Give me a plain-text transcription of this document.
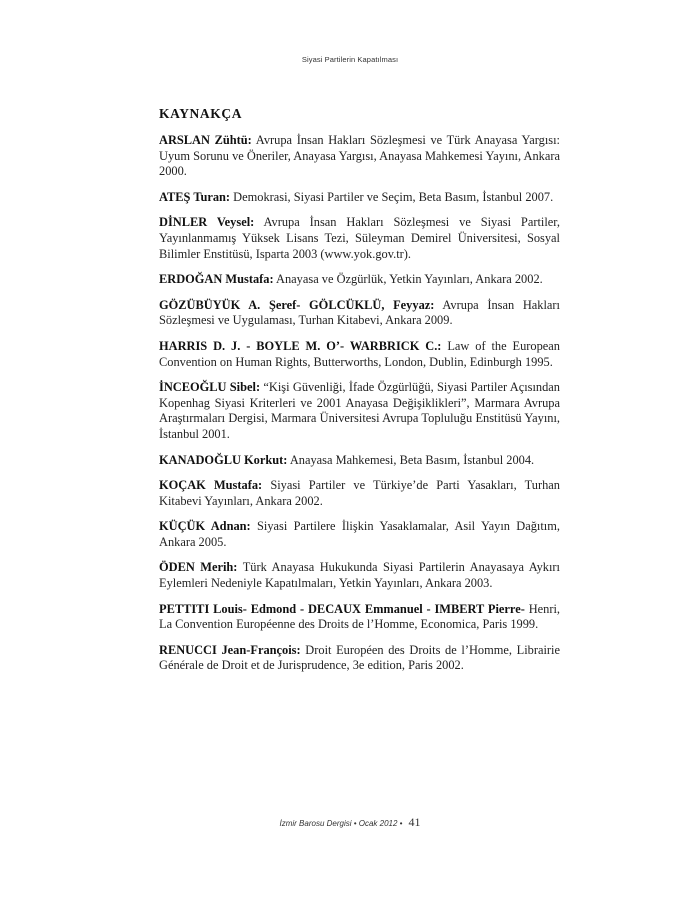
Siyasi Partilerin Kapatılması
KAYNAKÇA

ARSLAN Zühtü: Avrupa İnsan Hakları Sözleşmesi ve Türk Anayasa Yargısı: Uyum Sorunu ve Öneriler, Anayasa Yargısı, Anayasa Mahkemesi Yayını, Ankara 2000.

ATEŞ Turan: Demokrasi, Siyasi Partiler ve Seçim, Beta Basım, İstanbul 2007.

DİNLER Veysel: Avrupa İnsan Hakları Sözleşmesi ve Siyasi Partiler, Yayınlanmamış Yüksek Lisans Tezi, Süleyman Demirel Üniversitesi, Sosyal Bilimler Enstitüsü, Isparta 2003 (www.yok.gov.tr).

ERDOĞAN Mustafa: Anayasa ve Özgürlük, Yetkin Yayınları, Ankara 2002.

GÖZÜBÜYÜK A. Şeref- GÖLCÜKLÜ, Feyyaz: Avrupa İnsan Hakları Sözleşmesi ve Uygulaması, Turhan Kitabevi, Ankara 2009.

HARRIS D. J. - BOYLE M. O’- WARBRICK C.: Law of the European Convention on Human Rights, Butterworths, London, Dublin, Edinburgh 1995.

İNCEOĞLU Sibel: “Kişi Güvenliği, İfade Özgürlüğü, Siyasi Partiler Açısından Kopenhag Siyasi Kriterleri ve 2001 Anayasa Değişiklikleri”, Marmara Avrupa Araştırmaları Dergisi, Marmara Üniversitesi Avrupa Topluluğu Enstitüsü Yayını, İstanbul 2001.

KANADOĞLU Korkut: Anayasa Mahkemesi, Beta Basım, İstanbul 2004.

KOÇAK Mustafa: Siyasi Partiler ve Türkiye’de Parti Yasakları, Turhan Kitabevi Yayınları, Ankara 2002.

KÜÇÜK Adnan: Siyasi Partilere İlişkin Yasaklamalar, Asil Yayın Dağıtım, Ankara 2005.

ÖDEN Merih: Türk Anayasa Hukukunda Siyasi Partilerin Anayasaya Aykırı Eylemleri Nedeniyle Kapatılmaları, Yetkin Yayınları, Ankara 2003.

PETTITI Louis- Edmond - DECAUX Emmanuel - IMBERT Pierre- Henri, La Convention Européenne des Droits de l’Homme, Economica, Paris 1999.

RENUCCI Jean-François: Droit Européen des Droits de l’Homme, Librairie Générale de Droit et de Jurisprudence, 3e edition, Paris 2002.

İzmir Barosu Dergisi • Ocak 2012 • 41
